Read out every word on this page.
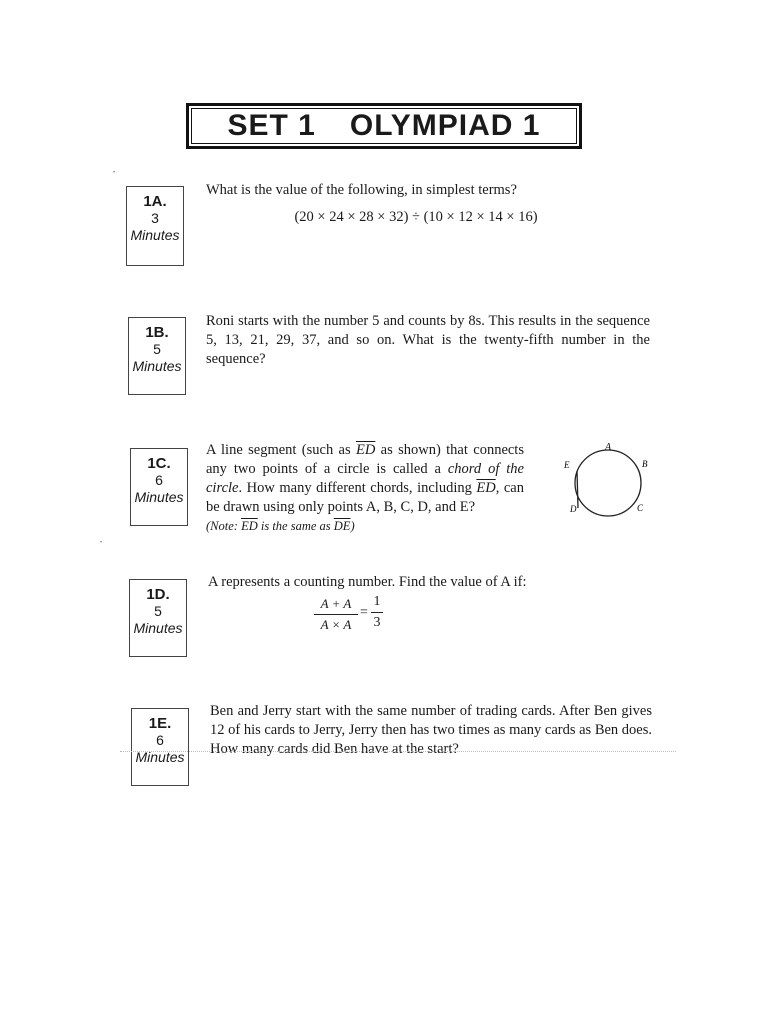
SET 1 OLYMPIAD 1
•
•
1A.
3
Minutes
What is the value of the following, in simplest terms?
(20 × 24 × 28 × 32) ÷ (10 × 12 × 14 × 16)
1B.
5
Minutes
Roni starts with the number 5 and counts by 8s. This results in the sequence 5, 13, 21, 29, 37, and so on. What is the twenty-fifth number in the sequence?
1C.
6
Minutes
A line segment (such as $\overline{ED}$ as shown) that connects any two points of a circle is called a chord of the circle. How many different chords, including $\overline{ED}$, can be drawn using only points A, B, C, D, and E?
(Note: $\overline{ED}$ is the same as $\overline{DE}$)
A
B
C
D
E
1D.
5
Minutes
A represents a counting number. Find the value of A if:
A + A
A × A
=
1
3
1E.
6
Minutes
Ben and Jerry start with the same number of trading cards. After Ben gives 12 of his cards to Jerry, Jerry then has two times as many cards as Ben does. How many cards did Ben have at the start?
